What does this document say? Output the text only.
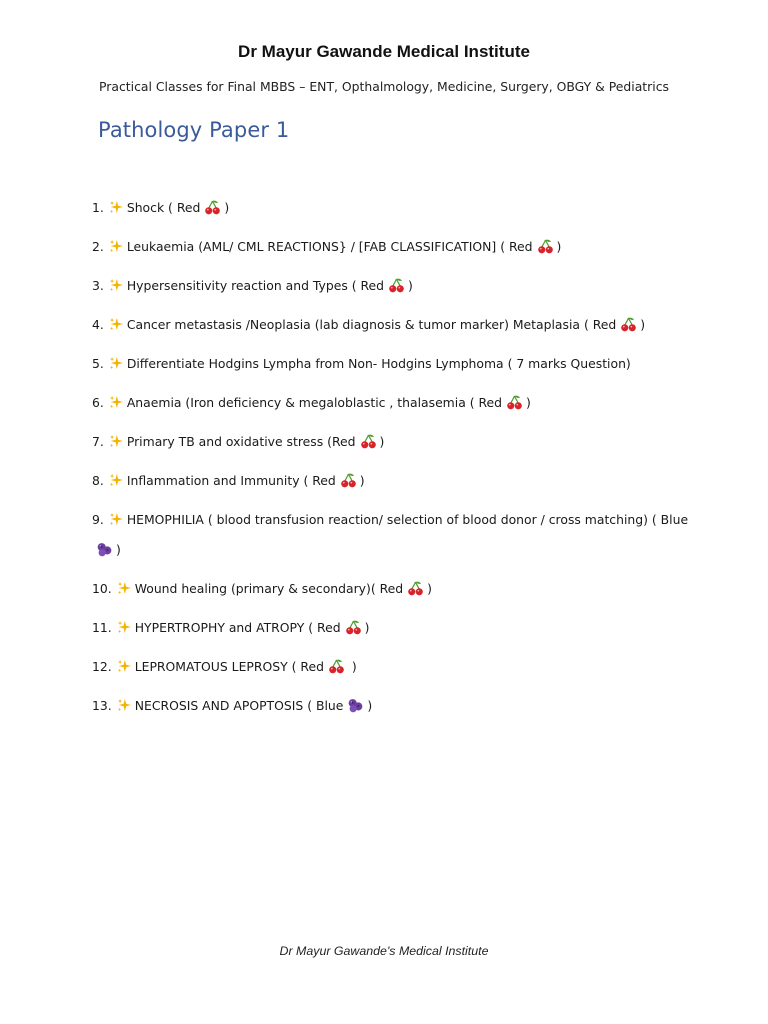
Dr Mayur Gawande Medical Institute
Practical Classes for Final MBBS – ENT, Opthalmology, Medicine, Surgery, OBGY & Pediatrics
Pathology Paper 1
1. Shock ( Red )
2. Leukaemia (AML/ CML REACTIONS} / [FAB CLASSIFICATION] ( Red )
3. Hypersensitivity reaction and Types ( Red )
4. Cancer metastasis /Neoplasia (lab diagnosis & tumor marker) Metaplasia ( Red )
5. Differentiate Hodgins Lympha from Non- Hodgins Lymphoma ( 7 marks Question)
6. Anaemia (Iron deficiency & megaloblastic , thalasemia ( Red )
7. Primary TB and oxidative stress (Red )
8. Inflammation and Immunity ( Red )
9. HEMOPHILIA ( blood transfusion reaction/ selection of blood donor / cross matching) ( Blue)
10. Wound healing (primary & secondary)( Red )
11. HYPERTROPHY and ATROPY ( Red )
12. LEPROMATOUS LEPROSY ( Red )
13. NECROSIS AND APOPTOSIS ( Blue )
Dr Mayur Gawande's Medical Institute
